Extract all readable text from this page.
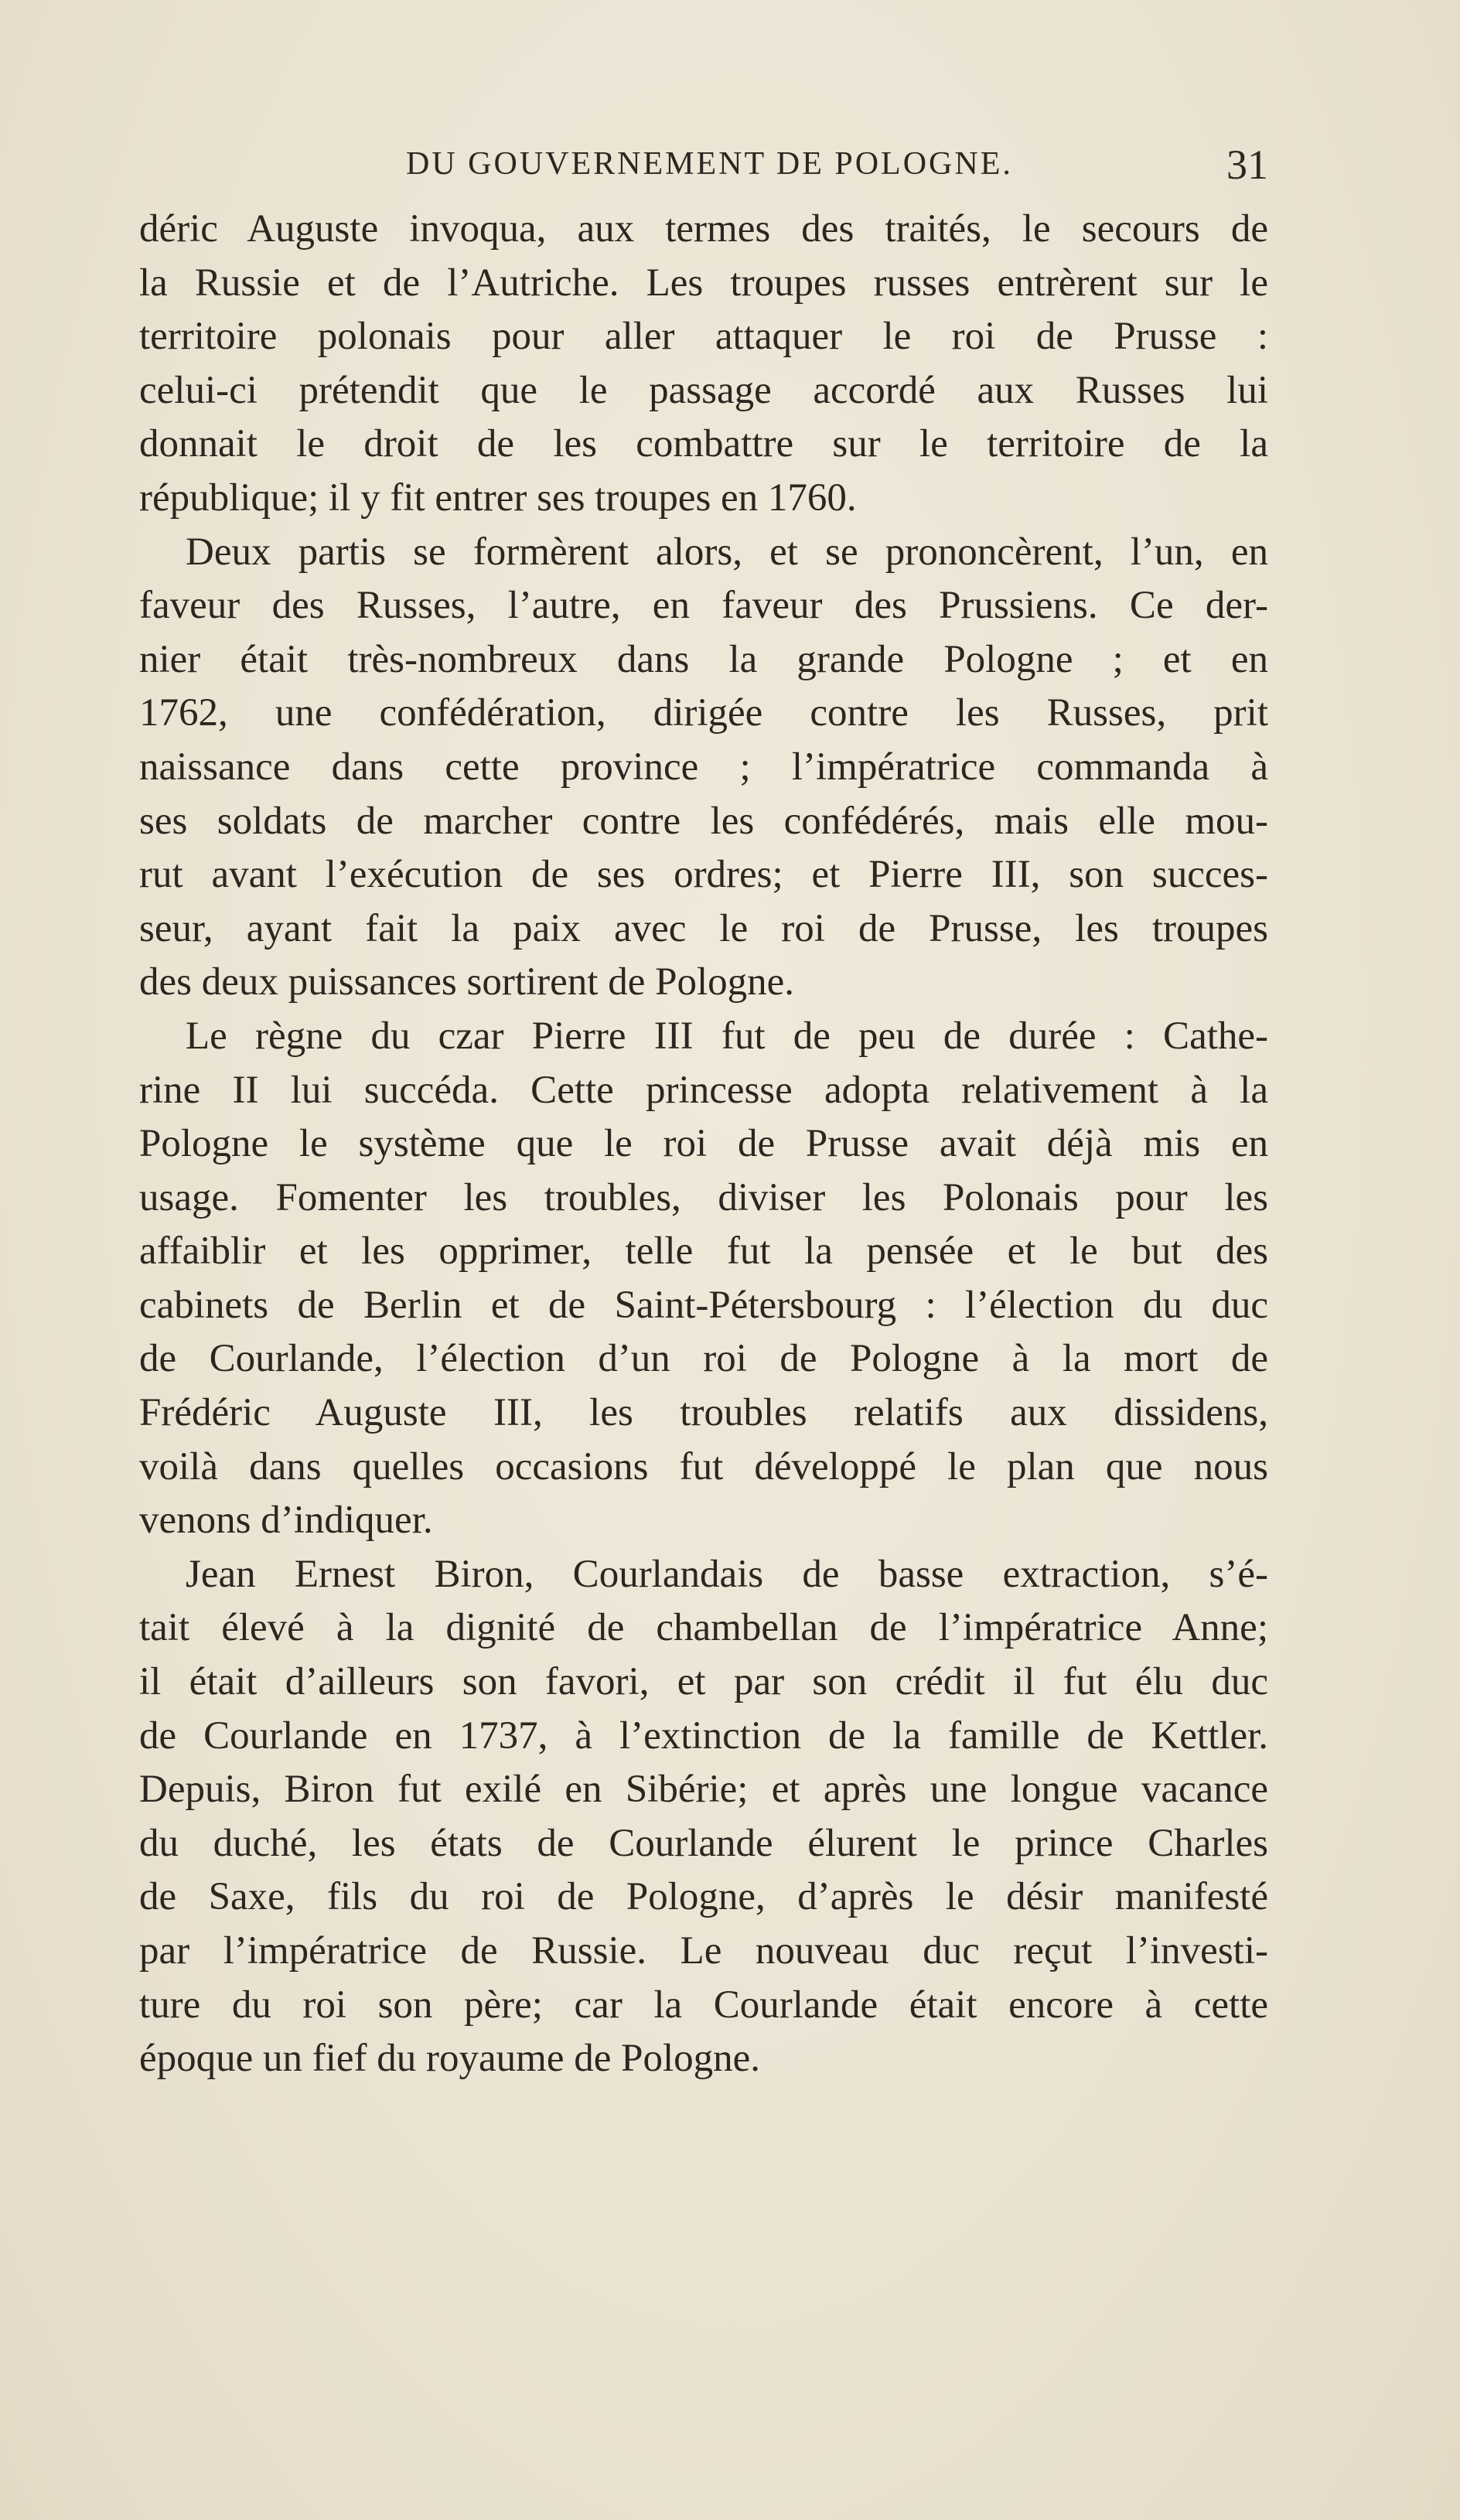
DU GOUVERNEMENT DE POLOGNE.	31
déric Auguste invoqua, aux termes des traités, le secours de
la Russie et de l’Autriche. Les troupes russes entrèrent sur le
territoire polonais pour aller attaquer le roi de Prusse :
celui-ci prétendit que le passage accordé aux Russes lui
donnait le droit de les combattre sur le territoire de la
république; il y fit entrer ses troupes en 1760.
Deux partis se formèrent alors, et se prononcèrent, l’un, en
faveur des Russes, l’autre, en faveur des Prussiens. Ce der-
nier était très-nombreux dans la grande Pologne ; et en
1762, une confédération, dirigée contre les Russes, prit
naissance dans cette province ; l’impératrice commanda à
ses soldats de marcher contre les confédérés, mais elle mou-
rut avant l’exécution de ses ordres; et Pierre III, son succes-
seur, ayant fait la paix avec le roi de Prusse, les troupes
des deux puissances sortirent de Pologne.
Le règne du czar Pierre III fut de peu de durée : Cathe-
rine II lui succéda. Cette princesse adopta relativement à la
Pologne le système que le roi de Prusse avait déjà mis en
usage. Fomenter les troubles, diviser les Polonais pour les
affaiblir et les opprimer, telle fut la pensée et le but des
cabinets de Berlin et de Saint-Pétersbourg : l’élection du duc
de Courlande, l’élection d’un roi de Pologne à la mort de
Frédéric Auguste III, les troubles relatifs aux dissidens,
voilà dans quelles occasions fut développé le plan que nous
venons d’indiquer.
Jean Ernest Biron, Courlandais de basse extraction, s’é-
tait élevé à la dignité de chambellan de l’impératrice Anne;
il était d’ailleurs son favori, et par son crédit il fut élu duc
de Courlande en 1737, à l’extinction de la famille de Kettler.
Depuis, Biron fut exilé en Sibérie; et après une longue vacance
du duché, les états de Courlande élurent le prince Charles
de Saxe, fils du roi de Pologne, d’après le désir manifesté
par l’impératrice de Russie. Le nouveau duc reçut l’investi-
ture du roi son père; car la Courlande était encore à cette
époque un fief du royaume de Pologne.
